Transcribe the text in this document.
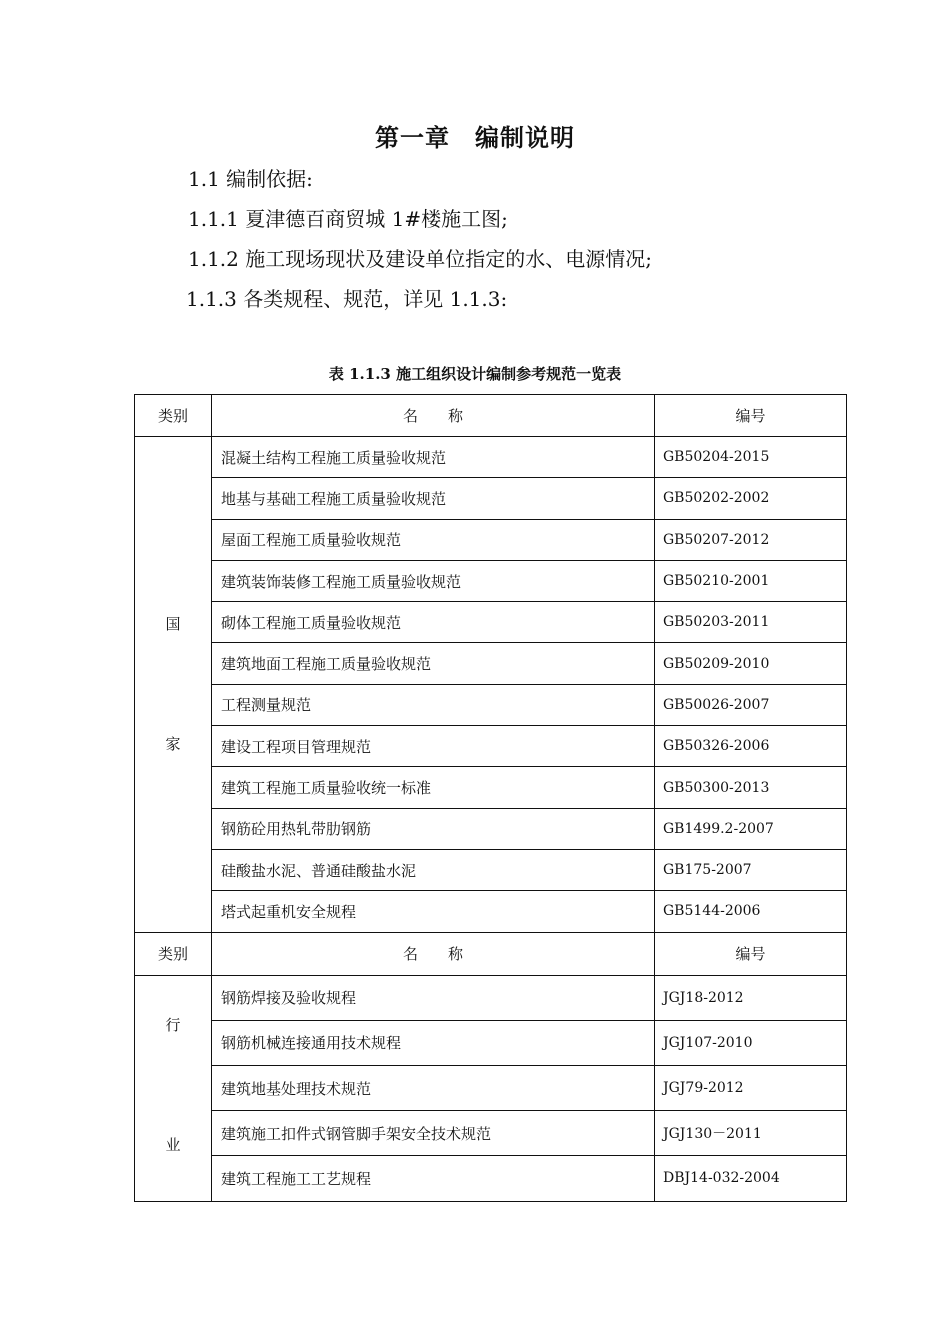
第一章　编制说明
1.1 编制依据:
1.1.1 夏津德百商贸城 1#楼施工图;
1.1.2 施工现场现状及建设单位指定的水、电源情况;
1.1.3 各类规程、规范，详见 1.1.3:
表 1.1.3 施工组织设计编制参考规范一览表
类别	名　　称	编号

国
家	混凝土结构工程施工质量验收规范	GB50204-2015
	地基与基础工程施工质量验收规范	GB50202-2002
	屋面工程施工质量验收规范	GB50207-2012
	建筑装饰装修工程施工质量验收规范	GB50210-2001
	砌体工程施工质量验收规范	GB50203-2011
	建筑地面工程施工质量验收规范	GB50209-2010
	工程测量规范	GB50026-2007
	建设工程项目管理规范	GB50326-2006
	建筑工程施工质量验收统一标准	GB50300-2013
	钢筋砼用热轧带肋钢筋	GB1499.2-2007
	硅酸盐水泥、普通硅酸盐水泥	GB175-2007
	塔式起重机安全规程	GB5144-2006
类别	名　　称	编号

行
业	钢筋焊接及验收规程	JGJ18-2012
	钢筋机械连接通用技术规程	JGJ107-2010
	建筑地基处理技术规范	JGJ79-2012
	建筑施工扣件式钢管脚手架安全技术规范	JGJ130－2011
	建筑工程施工工艺规程	DBJ14-032-2004
